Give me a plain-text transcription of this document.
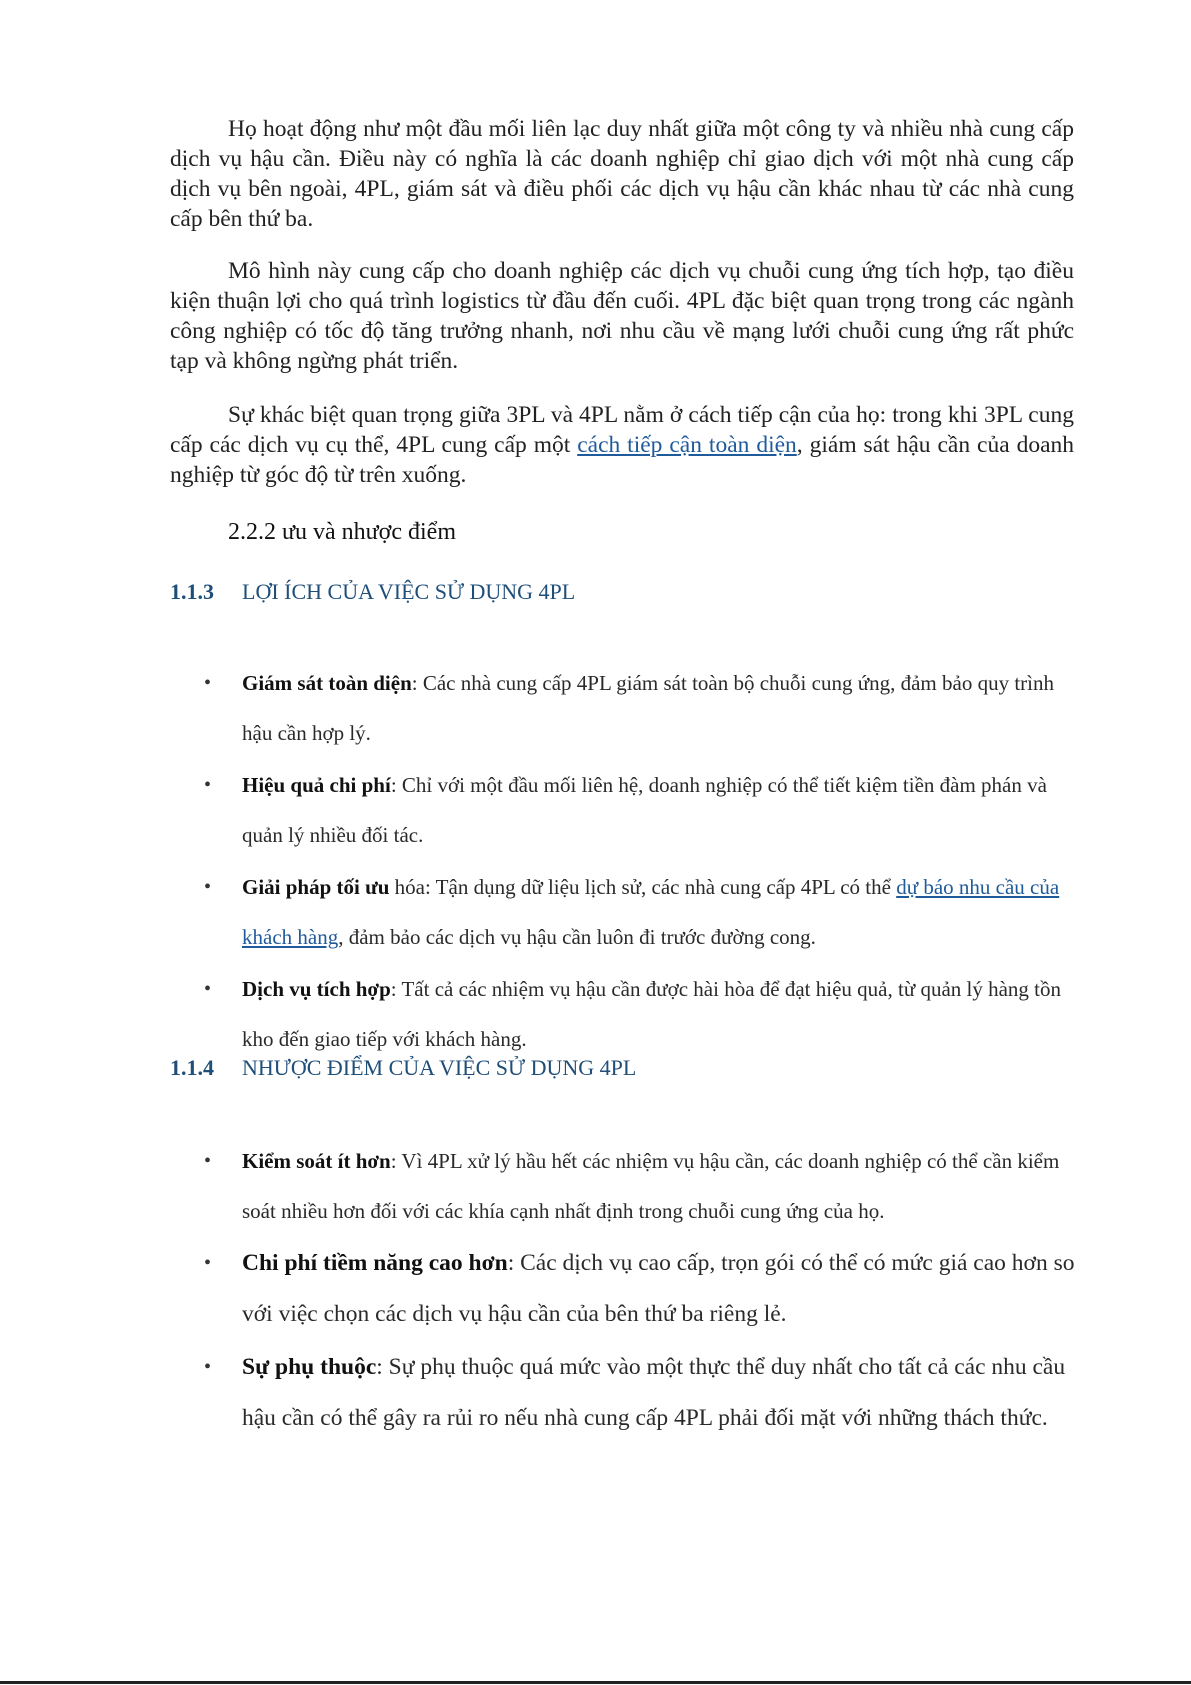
Họ hoạt động như một đầu mối liên lạc duy nhất giữa một công ty và nhiều nhà cung cấp dịch vụ hậu cần. Điều này có nghĩa là các doanh nghiệp chỉ giao dịch với một nhà cung cấp dịch vụ bên ngoài, 4PL, giám sát và điều phối các dịch vụ hậu cần khác nhau từ các nhà cung cấp bên thứ ba.

Mô hình này cung cấp cho doanh nghiệp các dịch vụ chuỗi cung ứng tích hợp, tạo điều kiện thuận lợi cho quá trình logistics từ đầu đến cuối. 4PL đặc biệt quan trọng trong các ngành công nghiệp có tốc độ tăng trưởng nhanh, nơi nhu cầu về mạng lưới chuỗi cung ứng rất phức tạp và không ngừng phát triển.

Sự khác biệt quan trọng giữa 3PL và 4PL nằm ở cách tiếp cận của họ: trong khi 3PL cung cấp các dịch vụ cụ thể, 4PL cung cấp một cách tiếp cận toàn diện, giám sát hậu cần của doanh nghiệp từ góc độ từ trên xuống.

2.2.2 ưu và nhược điểm
1.1.3 LỢI ÍCH CỦA VIỆC SỬ DỤNG 4PL
• Giám sát toàn diện: Các nhà cung cấp 4PL giám sát toàn bộ chuỗi cung ứng, đảm bảo quy trình hậu cần hợp lý.
• Hiệu quả chi phí: Chỉ với một đầu mối liên hệ, doanh nghiệp có thể tiết kiệm tiền đàm phán và quản lý nhiều đối tác.
• Giải pháp tối ưu hóa: Tận dụng dữ liệu lịch sử, các nhà cung cấp 4PL có thể dự báo nhu cầu của khách hàng, đảm bảo các dịch vụ hậu cần luôn đi trước đường cong.
• Dịch vụ tích hợp: Tất cả các nhiệm vụ hậu cần được hài hòa để đạt hiệu quả, từ quản lý hàng tồn kho đến giao tiếp với khách hàng.
1.1.4 NHƯỢC ĐIỂM CỦA VIỆC SỬ DỤNG 4PL
• Kiểm soát ít hơn: Vì 4PL xử lý hầu hết các nhiệm vụ hậu cần, các doanh nghiệp có thể cần kiểm soát nhiều hơn đối với các khía cạnh nhất định trong chuỗi cung ứng của họ.
• Chi phí tiềm năng cao hơn: Các dịch vụ cao cấp, trọn gói có thể có mức giá cao hơn so với việc chọn các dịch vụ hậu cần của bên thứ ba riêng lẻ.
• Sự phụ thuộc: Sự phụ thuộc quá mức vào một thực thể duy nhất cho tất cả các nhu cầu hậu cần có thể gây ra rủi ro nếu nhà cung cấp 4PL phải đối mặt với những thách thức.
